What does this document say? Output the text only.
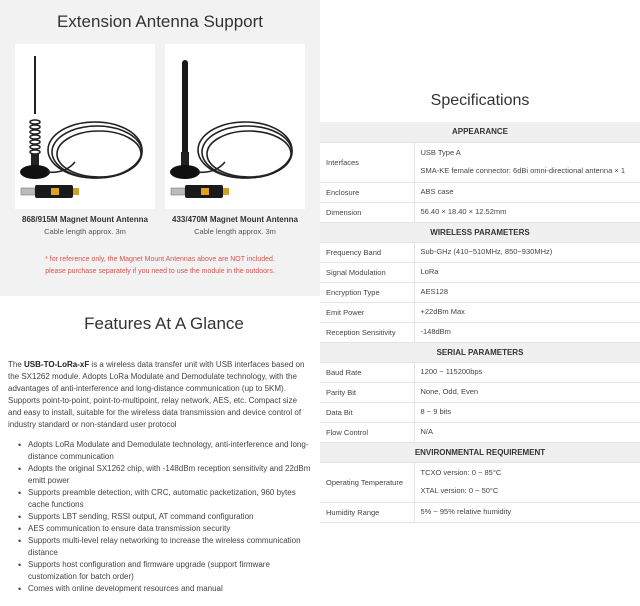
Extension Antenna Support
868/915M Magnet Mount Antenna
Cable length approx. 3m
433/470M Magnet Mount Antenna
Cable length approx. 3m
* for reference only, the Magnet Mount Antennas above are NOT included.
please purchase separately if you need to use the module in the outdoors.
Features At A Glance

The USB-TO-LoRa-xF is a wireless data transfer unit with USB interfaces based on the SX1262 module. Adopts LoRa Modulate and Demodulate technology, with the advantages of anti-interference and long-distance communication (up to 5KM). Supports point-to-point, point-to-multipoint, relay network, AES, etc. Compact size and easy to install, suitable for the wireless data transmission and device control of industry standard or non-standard user protocol

• Adopts LoRa Modulate and Demodulate technology, anti-interference and long-distance communication
• Adopts the original SX1262 chip, with -148dBm reception sensitivity and 22dBm emitt power
• Supports preamble detection, with CRC, automatic packetization, 960 bytes cache functions
• Supports LBT sending, RSSI output, AT command configuration
• AES communication to ensure data transmission security
• Supports multi-level relay networking to increase the wireless communication distance
• Supports host configuration and firmware upgrade (support firmware customization for batch order)
• Comes with online development resources and manual
Specifications
APPEARANCE	
Interfaces	USB Type A
SMA-KE female connector: 6dBi omni-directional antenna × 1

Enclosure	ABS case

Dimension	56.40 × 18.40 × 12.52mm

WIRELESS PARAMETERS	
Frequency Band	Sub-GHz (410~510MHz, 850~930MHz)

Signal Modulation	LoRa

Encryption Type	AES128

Emit Power	+22dBm Max

Reception Sensitivity	-148dBm

SERIAL PARAMETERS	
Baud Rate	1200 ~ 115200bps

Parity Bit	None, Odd, Even

Data Bit	8 ~ 9 bits

Flow Control	N/A

ENVIRONMENTAL REQUIREMENT	
Operating Temperature	TCXO version: 0 ~ 85°C
XTAL version: 0 ~ 50°C

Humidity Range	5% ~ 95% relative humidity
